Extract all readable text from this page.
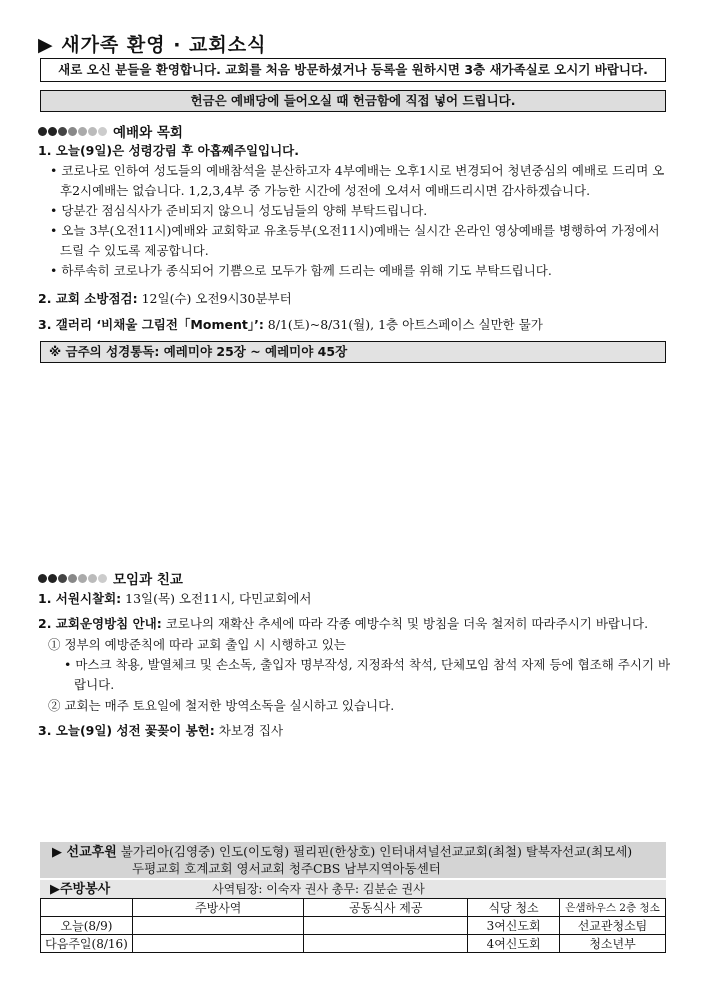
▶ 새가족 환영 · 교회소식
새로 오신 분들을 환영합니다. 교회를 처음 방문하셨거나 등록을 원하시면 3층 새가족실로 오시기 바랍니다.
헌금은 예배당에 들어오실 때 헌금함에 직접 넣어 드립니다.
예배와 목회
1. 오늘(9일)은 성령강림 후 아홉째주일입니다.
• 코로나로 인하여 성도들의 예배참석을 분산하고자 4부예배는 오후1시로 변경되어 청년중심의 예배로 드리며 오후2시예배는 없습니다. 1,2,3,4부 중 가능한 시간에 성전에 오셔서 예배드리시면 감사하겠습니다.
• 당분간 점심식사가 준비되지 않으니 성도님들의 양해 부탁드립니다.
• 오늘 3부(오전11시)예배와 교회학교 유초등부(오전11시)예배는 실시간 온라인 영상예배를 병행하여 가정에서 드릴 수 있도록 제공합니다.
• 하루속히 코로나가 종식되어 기쁨으로 모두가 함께 드리는 예배를 위해 기도 부탁드립니다.
2. 교회 소방점검: 12일(수) 오전9시30분부터
3. 갤러리 ‘비채울 그림전「Moment」’: 8/1(토)~8/31(월), 1층 아트스페이스 실만한 물가
※ 금주의 성경통독: 예레미야 25장 ~ 예레미야 45장
모임과 친교
1. 서원시찰회: 13일(목) 오전11시, 다민교회에서
2. 교회운영방침 안내: 코로나의 재확산 추세에 따라 각종 예방수칙 및 방침을 더욱 철저히 따라주시기 바랍니다.
① 정부의 예방준칙에 따라 교회 출입 시 시행하고 있는
• 마스크 착용, 발열체크 및 손소독, 출입자 명부작성, 지정좌석 착석, 단체모임 참석 자제 등에 협조해 주시기 바랍니다.
② 교회는 매주 토요일에 철저한 방역소독을 실시하고 있습니다.
3. 오늘(9일) 성전 꽃꽂이 봉헌: 차보경 집사
▶ 선교후원 불가리아(김영중) 인도(이도형) 필리핀(한상호) 인터내셔널선교교회(최철) 탈북자선교(최모세)
두평교회 호계교회 영서교회 청주CBS 남부지역아동센터
▶주방봉사	사역팀장: 이숙자 권사 총무: 김분순 권사
	주방사역	공동식사 제공	식당 청소	은샘하우스 2층 청소
오늘(8/9)			3여신도회	선교관청소팀
다음주일(8/16)			4여신도회	청소년부
